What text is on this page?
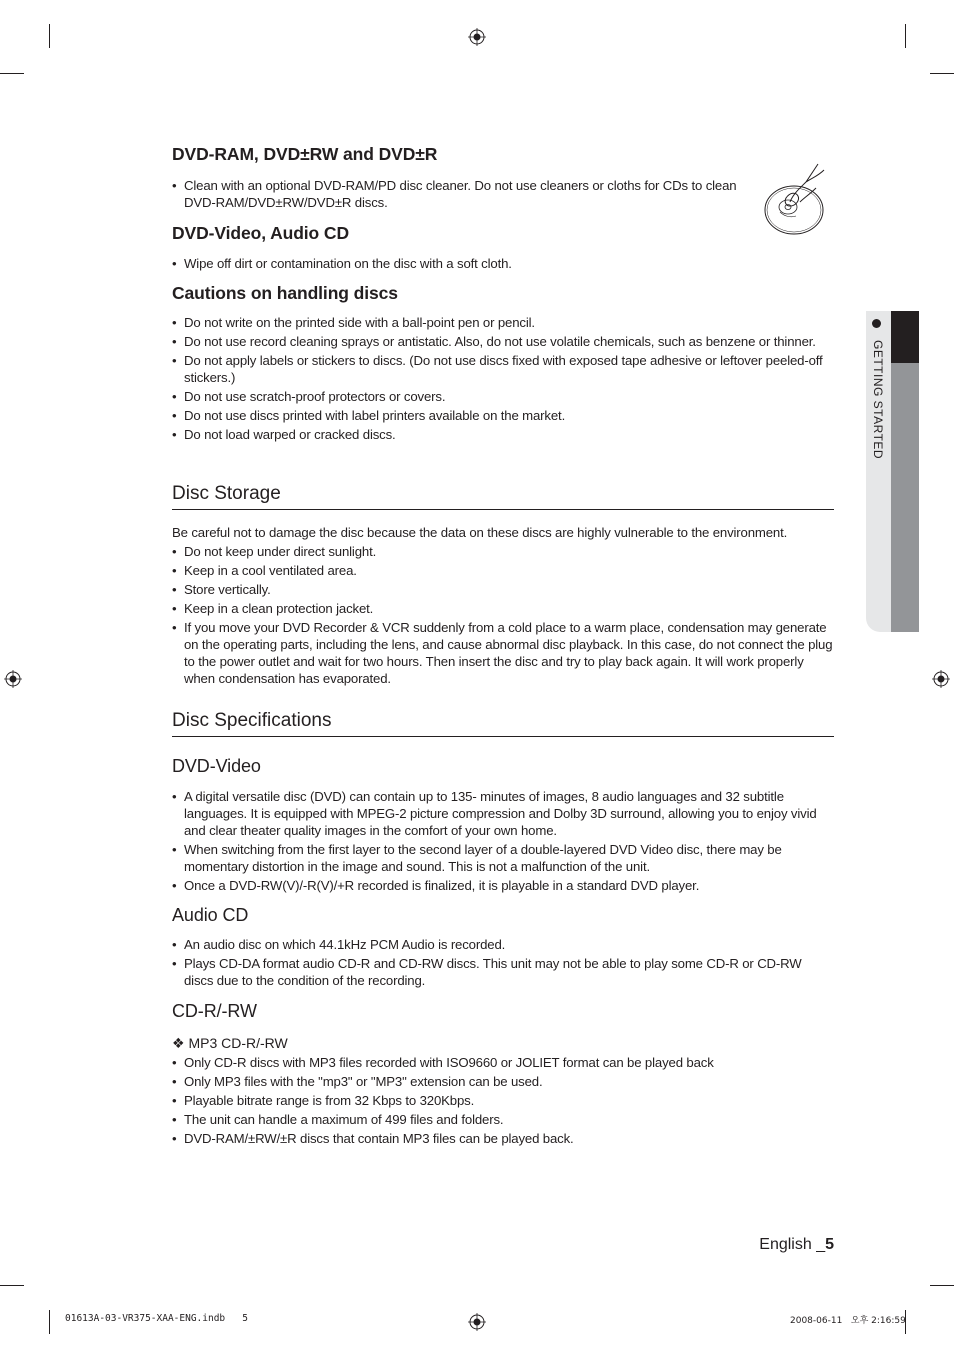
DVD-RAM, DVD±RW and DVD±R
• Clean with an optional DVD-RAM/PD disc cleaner. Do not use cleaners or cloths for CDs to clean DVD-RAM/DVD±RW/DVD±R discs.
DVD-Video, Audio CD
• Wipe off dirt or contamination on the disc with a soft cloth.
Cautions on handling discs
• Do not write on the printed side with a ball-point pen or pencil.
• Do not use record cleaning sprays or antistatic. Also, do not use volatile chemicals, such as benzene or thinner.
• Do not apply labels or stickers to discs. (Do not use discs fixed with exposed tape adhesive or leftover peeled-off stickers.)
• Do not use scratch-proof protectors or covers.
• Do not use discs printed with label printers available on the market.
• Do not load warped or cracked discs.
Disc Storage

Be careful not to damage the disc because the data on these discs are highly vulnerable to the environment.

• Do not keep under direct sunlight.
• Keep in a cool ventilated area.
• Store vertically.
• Keep in a clean protection jacket.
• If you move your DVD Recorder & VCR suddenly from a cold place to a warm place, condensation may generate on the operating parts, including the lens, and cause abnormal disc playback. In this case, do not connect the plug to the power outlet and wait for two hours. Then insert the disc and try to play back again. It will work properly when condensation has evaporated.
Disc Specifications
DVD-Video
• A digital versatile disc (DVD) can contain up to 135- minutes of images, 8 audio languages and 32 subtitle languages. It is equipped with MPEG-2 picture compression and Dolby 3D surround, allowing you to enjoy vivid and clear theater quality images in the comfort of your own home.
• When switching from the first layer to the second layer of a double-layered DVD Video disc, there may be momentary distortion in the image and sound. This is not a malfunction of the unit.
• Once a DVD-RW(V)/-R(V)/+R recorded is finalized, it is playable in a standard DVD player.
Audio CD
• An audio disc on which 44.1kHz PCM Audio is recorded.
• Plays CD-DA format audio CD-R and CD-RW discs. This unit may not be able to play some CD-R or CD-RW discs due to the condition of the recording.
CD-R/-RW
❖ MP3 CD-R/-RW
• Only CD-R discs with MP3 files recorded with ISO9660 or JOLIET format can be played back
• Only MP3 files with the "mp3" or "MP3" extension can be used.
• Playable bitrate range is from 32 Kbps to 320Kbps.
• The unit can handle a maximum of 499 files and folders.
• DVD-RAM/±RW/±R discs that contain MP3 files can be played back.
GETTING STARTED
English _5
01613A-03-VR375-XAA-ENG.indb   5	2008-06-11   오후 2:16:59
